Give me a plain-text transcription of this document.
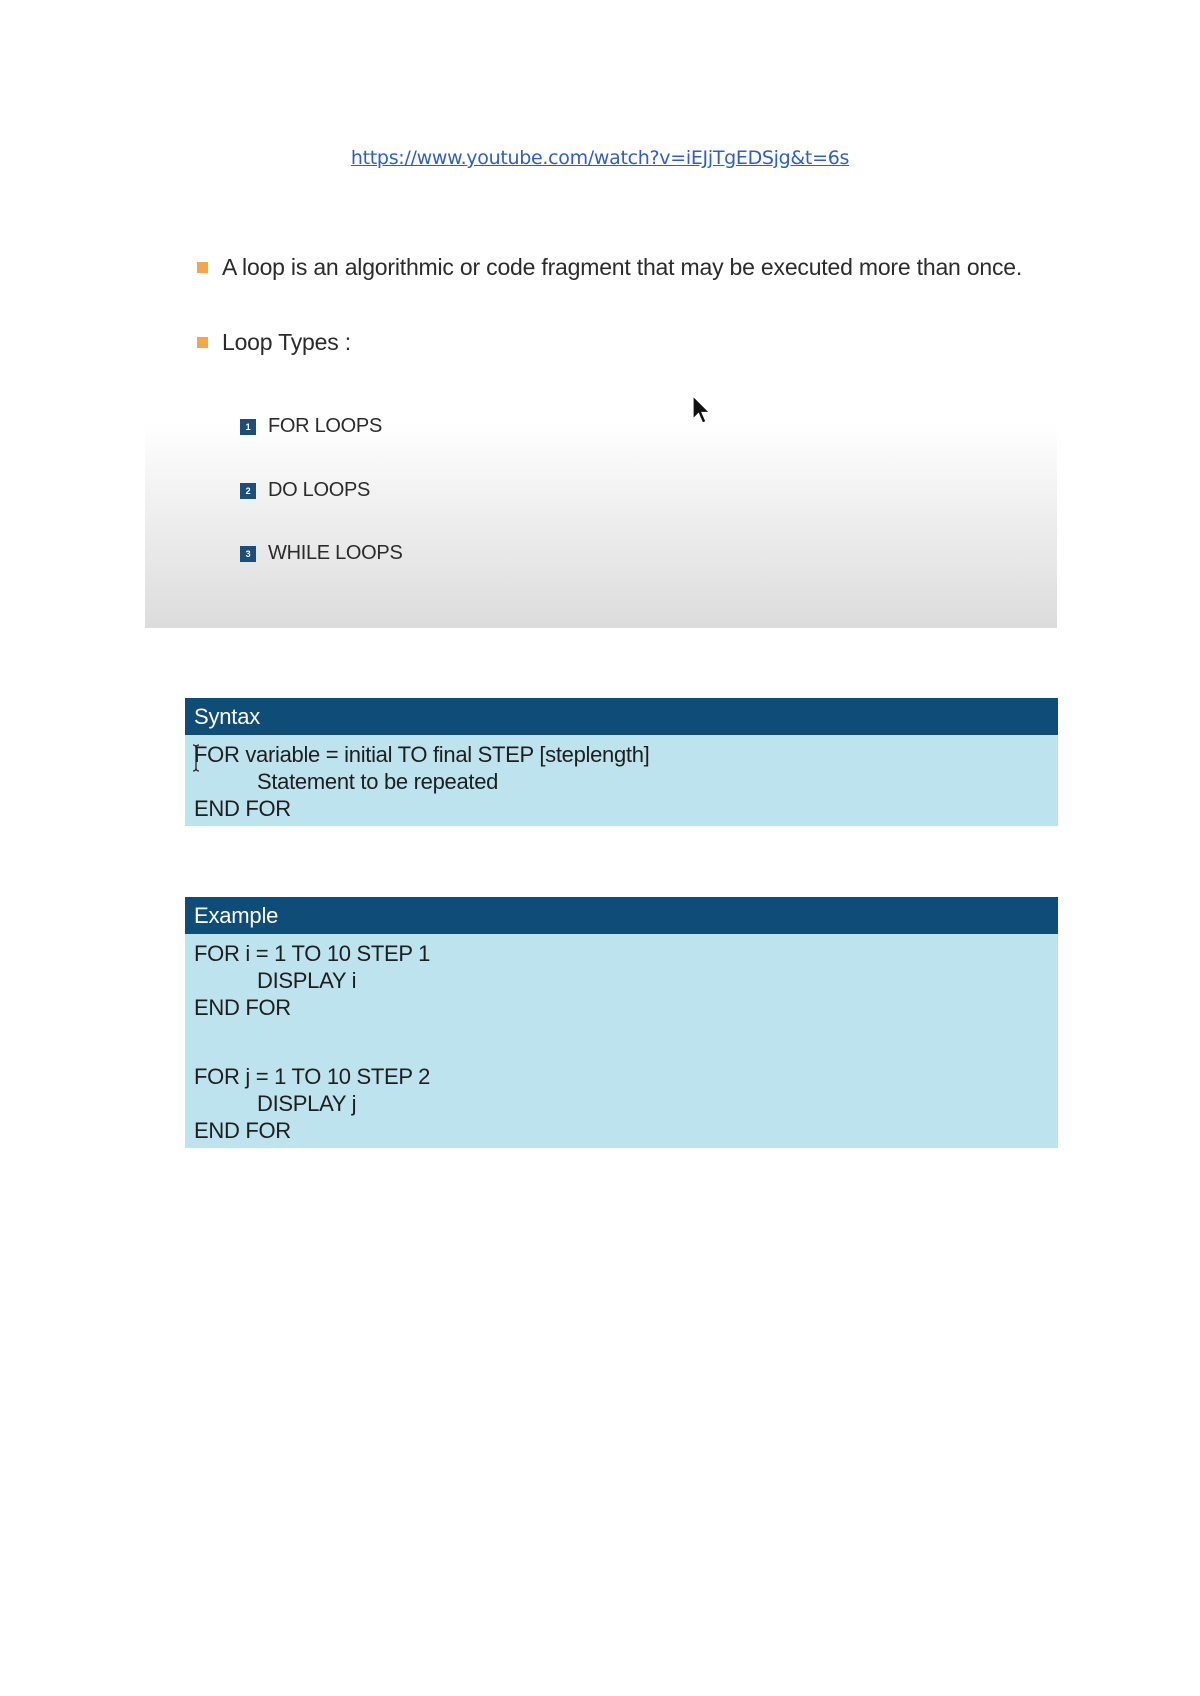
https://www.youtube.com/watch?v=iEJjTgEDSjg&t=6s
A loop is an algorithmic or code fragment that may be executed more than once.
Loop Types :
1 FOR LOOPS
2 DO LOOPS
3 WHILE LOOPS
Syntax
FOR variable = initial TO final STEP [steplength]
Statement to be repeated
END FOR
Example
FOR i = 1 TO 10 STEP 1
DISPLAY i
END FOR
FOR j = 1 TO 10 STEP 2
DISPLAY j
END FOR
